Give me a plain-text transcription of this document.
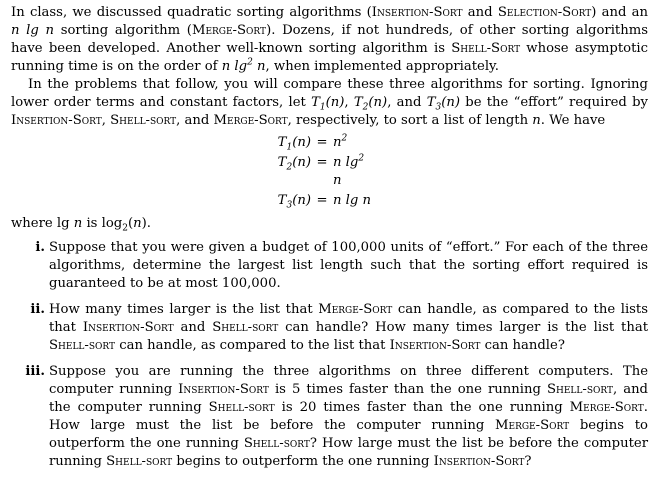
In class, we discussed quadratic sorting algorithms (Insertion-Sort and Selection-Sort) and an n lg n sorting algorithm (Merge-Sort). Dozens, if not hundreds, of other sorting algorithms have been developed. Another well-known sorting algorithm is Shell-Sort whose asymptotic running time is on the order of n $\lg^2 n$, when implemented appropriately.

In the problems that follow, you will compare these three algorithms for sorting. Ignoring lower order terms and constant factors, let $T_1(n)$, $T_2(n)$, and $T_3(n)$ be the “effort” required by Insertion-Sort, Shell-sort, and Merge-Sort, respectively, to sort a list of length n. We have

$T_1(n) = n^2$
$T_2(n) = n$ $\lg^2 n$
$T_3(n) = n$ lg n

where lg n is $\log_2(n)$.

i. Suppose that you were given a budget of 100,000 units of “effort.” For each of the three algorithms, determine the largest list length such that the sorting effort required is guaranteed to be at most 100,000.
ii. How many times larger is the list that Merge-Sort can handle, as compared to the lists that Insertion-Sort and Shell-sort can handle? How many times larger is the list that Shell-sort can handle, as compared to the list that Insertion-Sort can handle?
iii. Suppose you are running the three algorithms on three different computers. The computer running Insertion-Sort is 5 times faster than the one running Shell-sort, and the computer running Shell-sort is 20 times faster than the one running Merge-Sort. How large must the list be before the computer running Merge-Sort begins to outperform the one running Shell-sort? How large must the list be before the computer running Shell-sort begins to outperform the one running Insertion-Sort?
